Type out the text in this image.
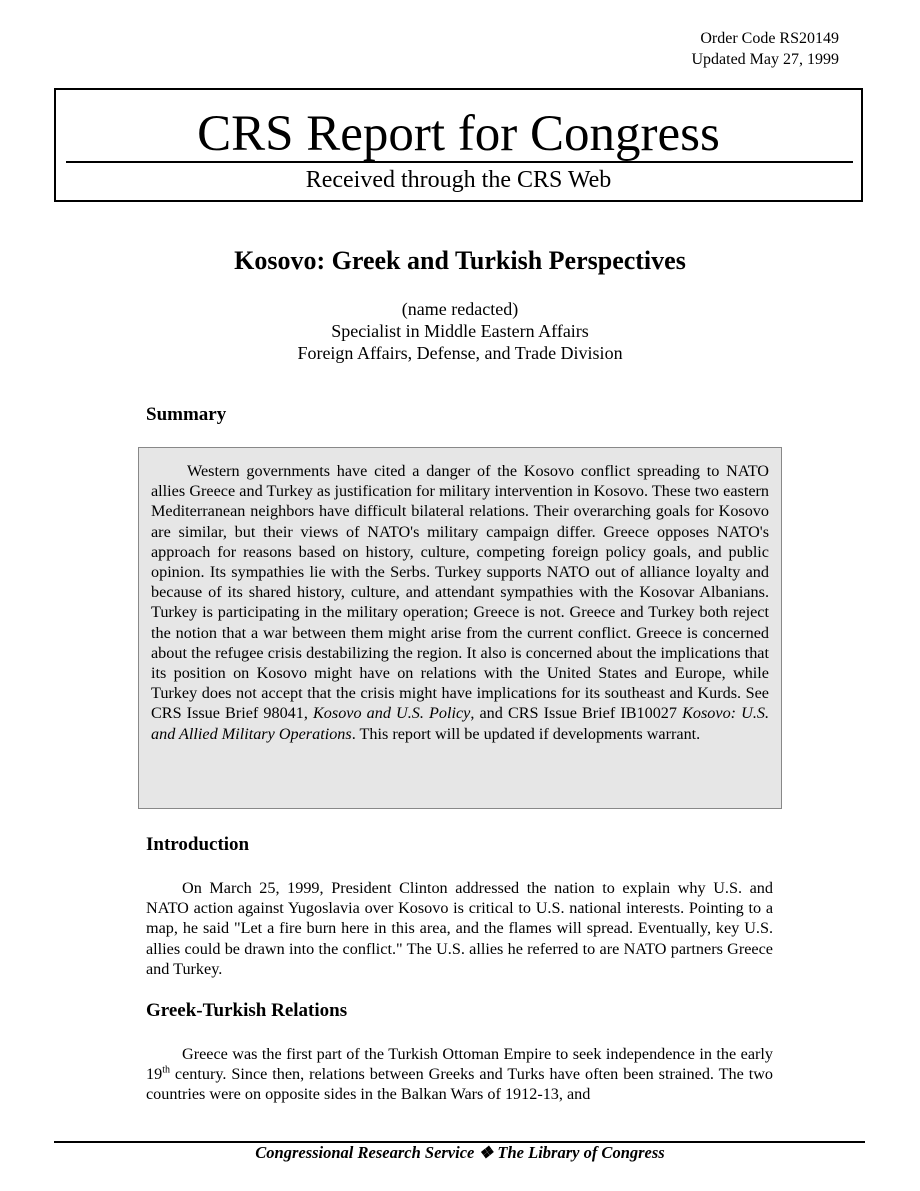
Order Code RS20149
Updated May 27, 1999
CRS Report for Congress
Received through the CRS Web
Kosovo: Greek and Turkish Perspectives
(name redacted)
Specialist in Middle Eastern Affairs
Foreign Affairs, Defense, and Trade Division
Summary
Western governments have cited a danger of the Kosovo conflict spreading to NATO allies Greece and Turkey as justification for military intervention in Kosovo. These two eastern Mediterranean neighbors have difficult bilateral relations. Their overarching goals for Kosovo are similar, but their views of NATO's military campaign differ. Greece opposes NATO's approach for reasons based on history, culture, competing foreign policy goals, and public opinion. Its sympathies lie with the Serbs. Turkey supports NATO out of alliance loyalty and because of its shared history, culture, and attendant sympathies with the Kosovar Albanians. Turkey is participating in the military operation; Greece is not. Greece and Turkey both reject the notion that a war between them might arise from the current conflict. Greece is concerned about the refugee crisis destabilizing the region. It also is concerned about the implications that its position on Kosovo might have on relations with the United States and Europe, while Turkey does not accept that the crisis might have implications for its southeast and Kurds. See CRS Issue Brief 98041, Kosovo and U.S. Policy, and CRS Issue Brief IB10027 Kosovo: U.S. and Allied Military Operations. This report will be updated if developments warrant.
Introduction
On March 25, 1999, President Clinton addressed the nation to explain why U.S. and NATO action against Yugoslavia over Kosovo is critical to U.S. national interests. Pointing to a map, he said "Let a fire burn here in this area, and the flames will spread. Eventually, key U.S. allies could be drawn into the conflict." The U.S. allies he referred to are NATO partners Greece and Turkey.
Greek-Turkish Relations
Greece was the first part of the Turkish Ottoman Empire to seek independence in the early 19th century. Since then, relations between Greeks and Turks have often been strained. The two countries were on opposite sides in the Balkan Wars of 1912-13, and
Congressional Research Service ❖ The Library of Congress
